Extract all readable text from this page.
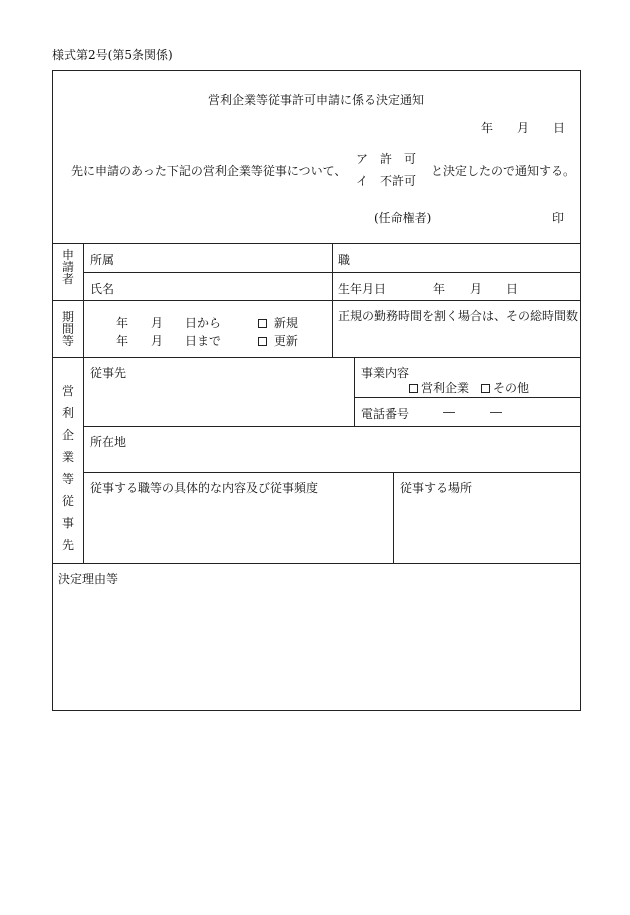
様式第2号(第5条関係)
営利企業等従事許可申請に係る決定通知
年 月 日
先に申請のあった下記の営利企業等従事について、
ア　許　可
イ　不許可
と決定したので通知する。
(任命権者)	印
申
請
者
所属	職
氏名	生年月日	年 月 日
期
間
等
年 月 日から	新規
年 月 日まで	更新
正規の勤務時間を割く場合は、その総時間数
営
利
企
業
等
従
事
先
従事先	事業内容
営利企業	その他
電話番号	―	―
所在地
従事する職等の具体的な内容及び従事頻度	従事する場所
決定理由等
